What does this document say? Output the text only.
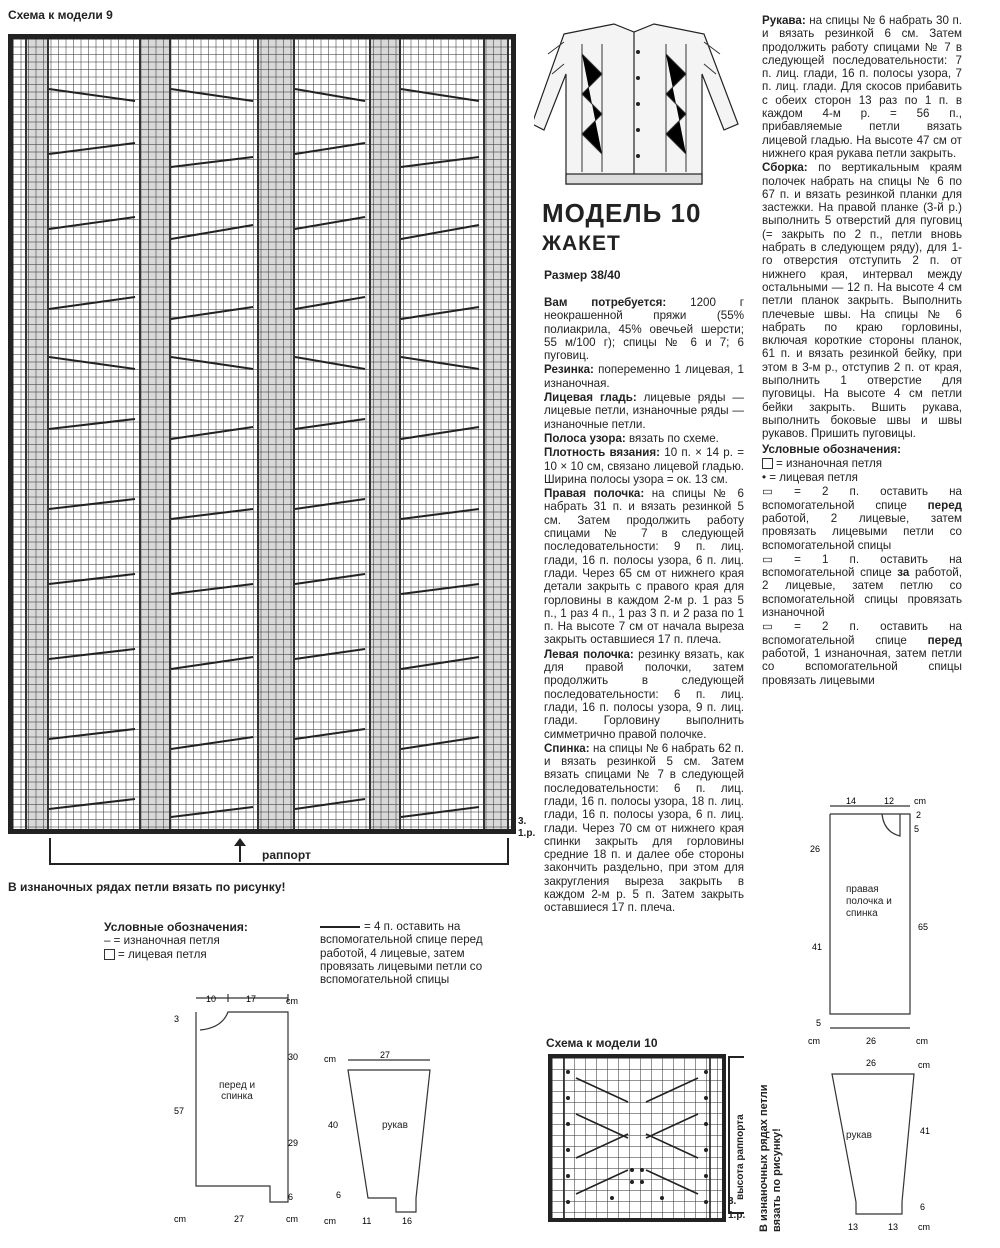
Схема к модели 9
3.
1.р.
раппорт
В изнаночных рядах петли вязать по рисунку!
Условные обозначения:
– = изнаночная петля
= лицевая петля
= 4 п. оставить на вспомогательной спице перед работой, 4 лицевые, затем провязать лицевыми петли со вспомогательной спицы
cm	cm
cm
10	17
3
57
30
29
6
27
перед и спинка
cm	27
40
6
cm	11	16
рукав
МОДЕЛЬ 10
ЖАКЕТ
Размер 38/40

Вам потребуется: 1200 г неокрашенной пряжи (55% полиакрила, 45% овечьей шерсти; 55 м/100 г); спицы № 6 и 7; 6 пуговиц.

Резинка: попеременно 1 лицевая, 1 изнаночная.

Лицевая гладь: лицевые ряды — лицевые петли, изнаночные ряды — изнаночные петли.

Полоса узора: вязать по схеме.

Плотность вязания: 10 п. × 14 р. = 10 × 10 см, связано лицевой гладью. Ширина полосы узора = ок. 13 см.

Правая полочка: на спицы № 6 набрать 31 п. и вязать резинкой 5 см. Затем продолжить работу спицами № 7 в следующей последовательности: 9 п. лиц. глади, 16 п. полосы узора, 6 п. лиц. глади. Через 65 см от нижнего края детали закрыть с правого края для горловины в каждом 2-м р. 1 раз 5 п., 1 раз 4 п., 1 раз 3 п. и 2 раза по 1 п. На высоте 7 см от начала выреза закрыть оставшиеся 17 п. плеча.

Левая полочка: резинку вязать, как для правой полочки, затем продолжить в следующей последовательности: 6 п. лиц. глади, 16 п. полосы узора, 9 п. лиц. глади. Горловину выполнить симметрично правой полочке.

Спинка: на спицы № 6 набрать 62 п. и вязать резинкой 5 см. Затем вязать спицами № 7 в следующей последовательности: 6 п. лиц. глади, 16 п. полосы узора, 18 п. лиц. глади, 16 п. полосы узора, 6 п. лиц. глади. Через 70 см от нижнего края спинки закрыть для горловины средние 18 п. и далее обе стороны закончить раздельно, при этом для закругления выреза закрыть в каждом 2-м р. 5 п. Затем закрыть оставшиеся 17 п. плеча.

Рукава: на спицы № 6 набрать 30 п. и вязать резинкой 6 см. Затем продолжить работу спицами № 7 в следующей последовательности: 7 п. лиц. глади, 16 п. полосы узора, 7 п. лиц. глади. Для скосов прибавить с обеих сторон 13 раз по 1 п. в каждом 4-м р. = 56 п., прибавляемые петли вязать лицевой гладью. На высоте 47 см от нижнего края рукава петли закрыть.

Сборка: по вертикальным краям полочек набрать на спицы № 6 по 67 п. и вязать резинкой планки для застежки. На правой планке (3-й р.) выполнить 5 отверстий для пуговиц (= закрыть по 2 п., петли вновь набрать в следующем ряду), для 1-го отверстия отступить 2 п. от нижнего края, интервал между остальными — 12 п. На высоте 4 см петли планок закрыть. Выполнить плечевые швы. На спицы № 6 набрать по краю горловины, включая короткие стороны планок, 61 п. и вязать резинкой бейку, при этом в 3-м р., отступив 2 п. от края, выполнить 1 отверстие для пуговицы. На высоте 4 см петли бейки закрыть. Вшить рукава, выполнить боковые швы и швы рукавов. Пришить пуговицы.

Условные обозначения:

= изнаночная петля

• = лицевая петля

▭ = 2 п. оставить на вспомогательной спице перед работой, 2 лицевые, затем провязать лицевыми петли со вспомогательной спицы

▭ = 1 п. оставить на вспомогательной спице за работой, 2 лицевые, затем петлю со вспомогательной спицы провязать изнаночной

▭ = 2 п. оставить на вспомогательной спице перед работой, 1 изнаночная, затем петли со вспомогательной спицы провязать лицевыми

Схема к модели 10
высота раппорта
3.
1.р. В изнаночных рядах петли вязать по рисунку!
14	12 cm
2
5
26
41
5
65
cm	26	cm
правая полочка и спинка
26	cm
41
6
13	13 cm
рукав
